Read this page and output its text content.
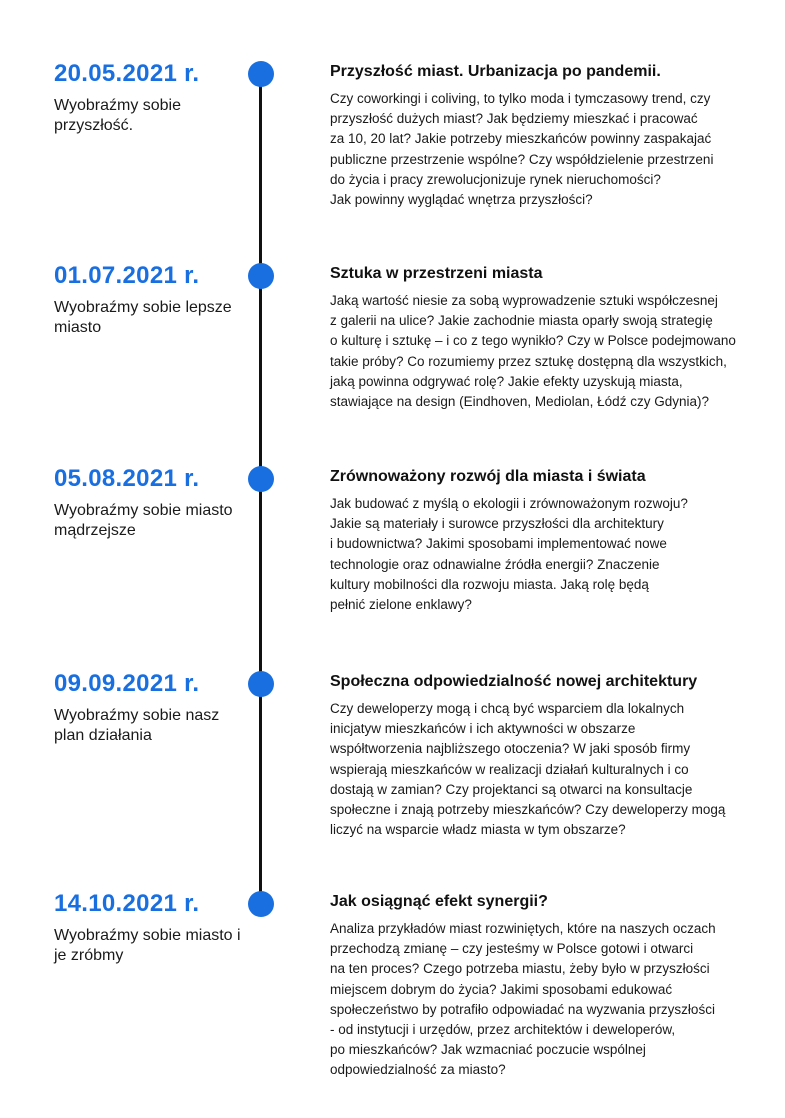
20.05.2021 r.
Wyobraźmy sobie przyszłość.
Przyszłość miast. Urbanizacja po pandemii.
Czy coworkingi i coliving, to tylko moda i tymczasowy trend, czy
przyszłość dużych miast? Jak będziemy mieszkać i pracować
za 10, 20 lat? Jakie potrzeby mieszkańców powinny zaspakajać
publiczne przestrzenie wspólne? Czy współdzielenie przestrzeni
do życia i pracy zrewolucjonizuje rynek nieruchomości?
Jak powinny wyglądać wnętrza przyszłości?
01.07.2021 r.
Wyobraźmy sobie lepsze miasto
Sztuka w przestrzeni miasta
Jaką wartość niesie za sobą wyprowadzenie sztuki współczesnej
z galerii na ulice? Jakie zachodnie miasta oparły swoją strategię
o kulturę i sztukę – i co z tego wynikło? Czy w Polsce podejmowano
takie próby? Co rozumiemy przez sztukę dostępną dla wszystkich,
jaką powinna odgrywać rolę? Jakie efekty uzyskują miasta,
stawiające na design (Eindhoven, Mediolan, Łódź czy Gdynia)?
05.08.2021 r.
Wyobraźmy sobie miasto mądrzejsze
Zrównoważony rozwój dla miasta i świata
Jak budować z myślą o ekologii i zrównoważonym rozwoju?
Jakie są materiały i surowce przyszłości dla architektury
i budownictwa? Jakimi sposobami implementować nowe
technologie oraz odnawialne źródła energii? Znaczenie
kultury mobilności dla rozwoju miasta. Jaką rolę będą
pełnić zielone enklawy?
09.09.2021 r.
Wyobraźmy sobie nasz plan działania
Społeczna odpowiedzialność nowej architektury
Czy deweloperzy mogą i chcą być wsparciem dla lokalnych
inicjatyw mieszkańców i ich aktywności w obszarze
współtworzenia najbliższego otoczenia? W jaki sposób firmy
wspierają mieszkańców w realizacji działań kulturalnych i co
dostają w zamian? Czy projektanci są otwarci na konsultacje
społeczne i znają potrzeby mieszkańców? Czy deweloperzy mogą
liczyć na wsparcie władz miasta w tym obszarze?
14.10.2021 r.
Wyobraźmy sobie miasto i je zróbmy
Jak osiągnąć efekt synergii?
Analiza przykładów miast rozwiniętych, które na naszych oczach
przechodzą zmianę – czy jesteśmy w Polsce gotowi i otwarci
na ten proces? Czego potrzeba miastu, żeby było w przyszłości
miejscem dobrym do życia? Jakimi sposobami edukować
społeczeństwo by potrafiło odpowiadać na wyzwania przyszłości
- od instytucji i urzędów, przez architektów i deweloperów,
po mieszkańców? Jak wzmacniać poczucie wspólnej
odpowiedzialność za miasto?
